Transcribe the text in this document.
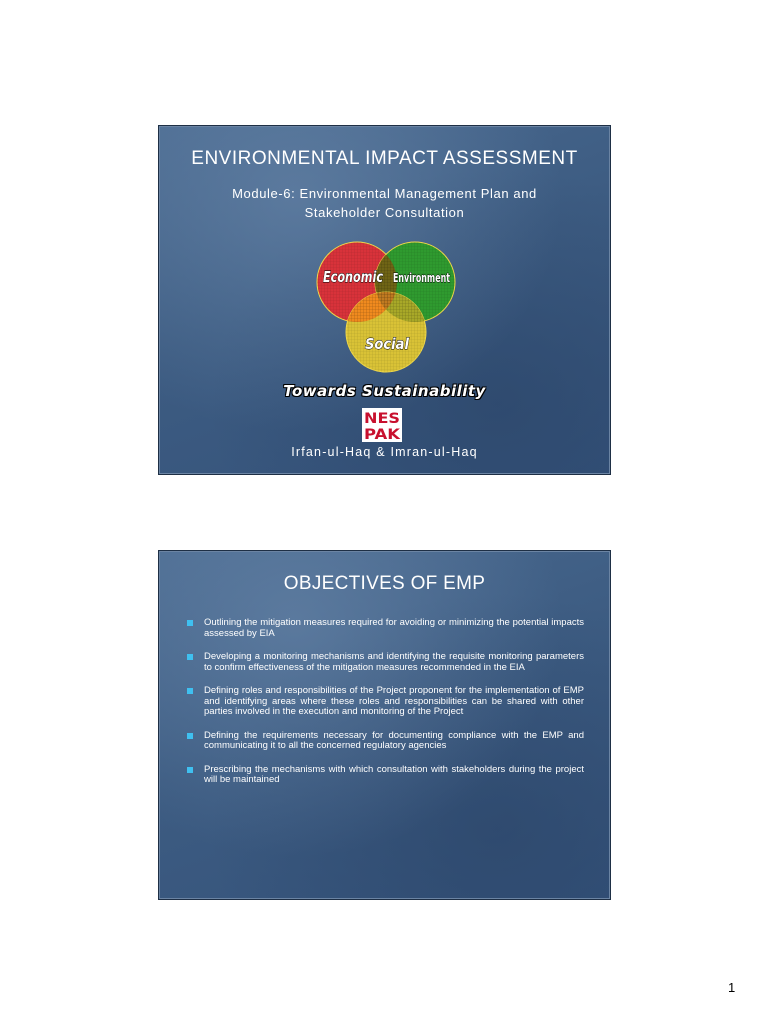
ENVIRONMENTAL IMPACT ASSESSMENT
Module-6: Environmental Management Plan and Stakeholder Consultation
Economic Environment
Social
Towards Sustainability
NES
PAK
Irfan-ul-Haq & Imran-ul-Haq
OBJECTIVES OF EMP
Outlining the mitigation measures required for avoiding or minimizing the potential impacts assessed by EIA
Developing a monitoring mechanisms and identifying the requisite monitoring parameters to confirm effectiveness of the mitigation measures recommended in the EIA
Defining roles and responsibilities of the Project proponent for the implementation of EMP and identifying areas where these roles and responsibilities can be shared with other parties involved in the execution and monitoring of the Project
Defining the requirements necessary for documenting compliance with the EMP and communicating it to all the concerned regulatory agencies
Prescribing the mechanisms with which consultation with stakeholders during the project will be maintained
1
